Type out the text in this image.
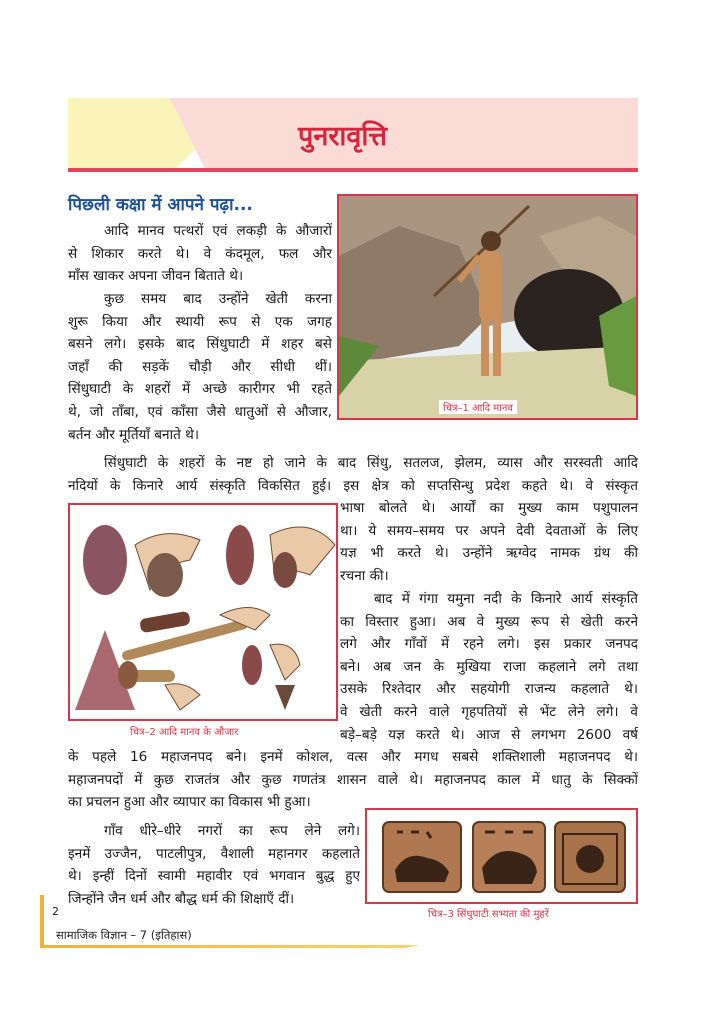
पुनरावृत्ति
पिछली कक्षा में आपने पढ़ा...
आदि मानव पत्थरों एवं लकड़ी के औजारों
से शिकार करते थे। वे कंदमूल, फल और
माँस खाकर अपना जीवन बिताते थे।
कुछ समय बाद उन्होंने खेती करना
शुरू किया और स्थायी रूप से एक जगह
बसने लगे। इसके बाद सिंधुघाटी में शहर बसे
जहाँ की सड़कें चौड़ी और सीधी थीं।
सिंधुघाटी के शहरों में अच्छे कारीगर भी रहते
थे, जो ताँबा, एवं काँसा जैसे धातुओं से औजार,
बर्तन और मूर्तियाँ बनाते थे।
चित्र–1 आदि मानव
सिंधुघाटी के शहरों के नष्ट हो जाने के बाद सिंधु, सतलज, झेलम, व्यास और सरस्वती आदि
नदियों के किनारे आर्य संस्कृति विकसित हुई। इस क्षेत्र को सप्तसिन्धु प्रदेश कहते थे। वे संस्कृत
चित्र–2 आदि मानव के औजार
भाषा बोलते थे। आर्यों का मुख्य काम पशुपालन
था। ये समय–समय पर अपने देवी देवताओं के लिए
यज्ञ भी करते थे। उन्होंने ऋग्वेद नामक ग्रंथ की
रचना की।
बाद में गंगा यमुना नदी के किनारे आर्य संस्कृति
का विस्तार हुआ। अब वे मुख्य रूप से खेती करने
लगे और गाँवों में रहने लगे। इस प्रकार जनपद
बने। अब जन के मुखिया राजा कहलाने लगे तथा
उसके रिश्तेदार और सहयोगी राजन्य कहलाते थे।
वे खेती करने वाले गृहपतियों से भेंट लेने लगे। वे
बड़े–बड़े यज्ञ करते थे। आज से लगभग 2600 वर्ष
के पहले 16 महाजनपद बने। इनमें कोशल, वत्स और मगध सबसे शक्तिशाली महाजनपद थे।
महाजनपदों में कुछ राजतंत्र और कुछ गणतंत्र शासन वाले थे। महाजनपद काल में धातु के सिक्कों
का प्रचलन हुआ और व्यापार का विकास भी हुआ।
गाँव धीरे–धीरे नगरों का रूप लेने लगे।
इनमें उज्जैन, पाटलीपुत्र, वैशाली महानगर कहलाते
थे। इन्हीं दिनों स्वामी महावीर एवं भगवान बुद्ध हुए
जिन्होंने जैन धर्म और बौद्ध धर्म की शिक्षाएँ दीं।
चित्र–3 सिंधुघाटी सभ्यता की मुहरें
2
सामाजिक विज्ञान – 7 (इतिहास)
